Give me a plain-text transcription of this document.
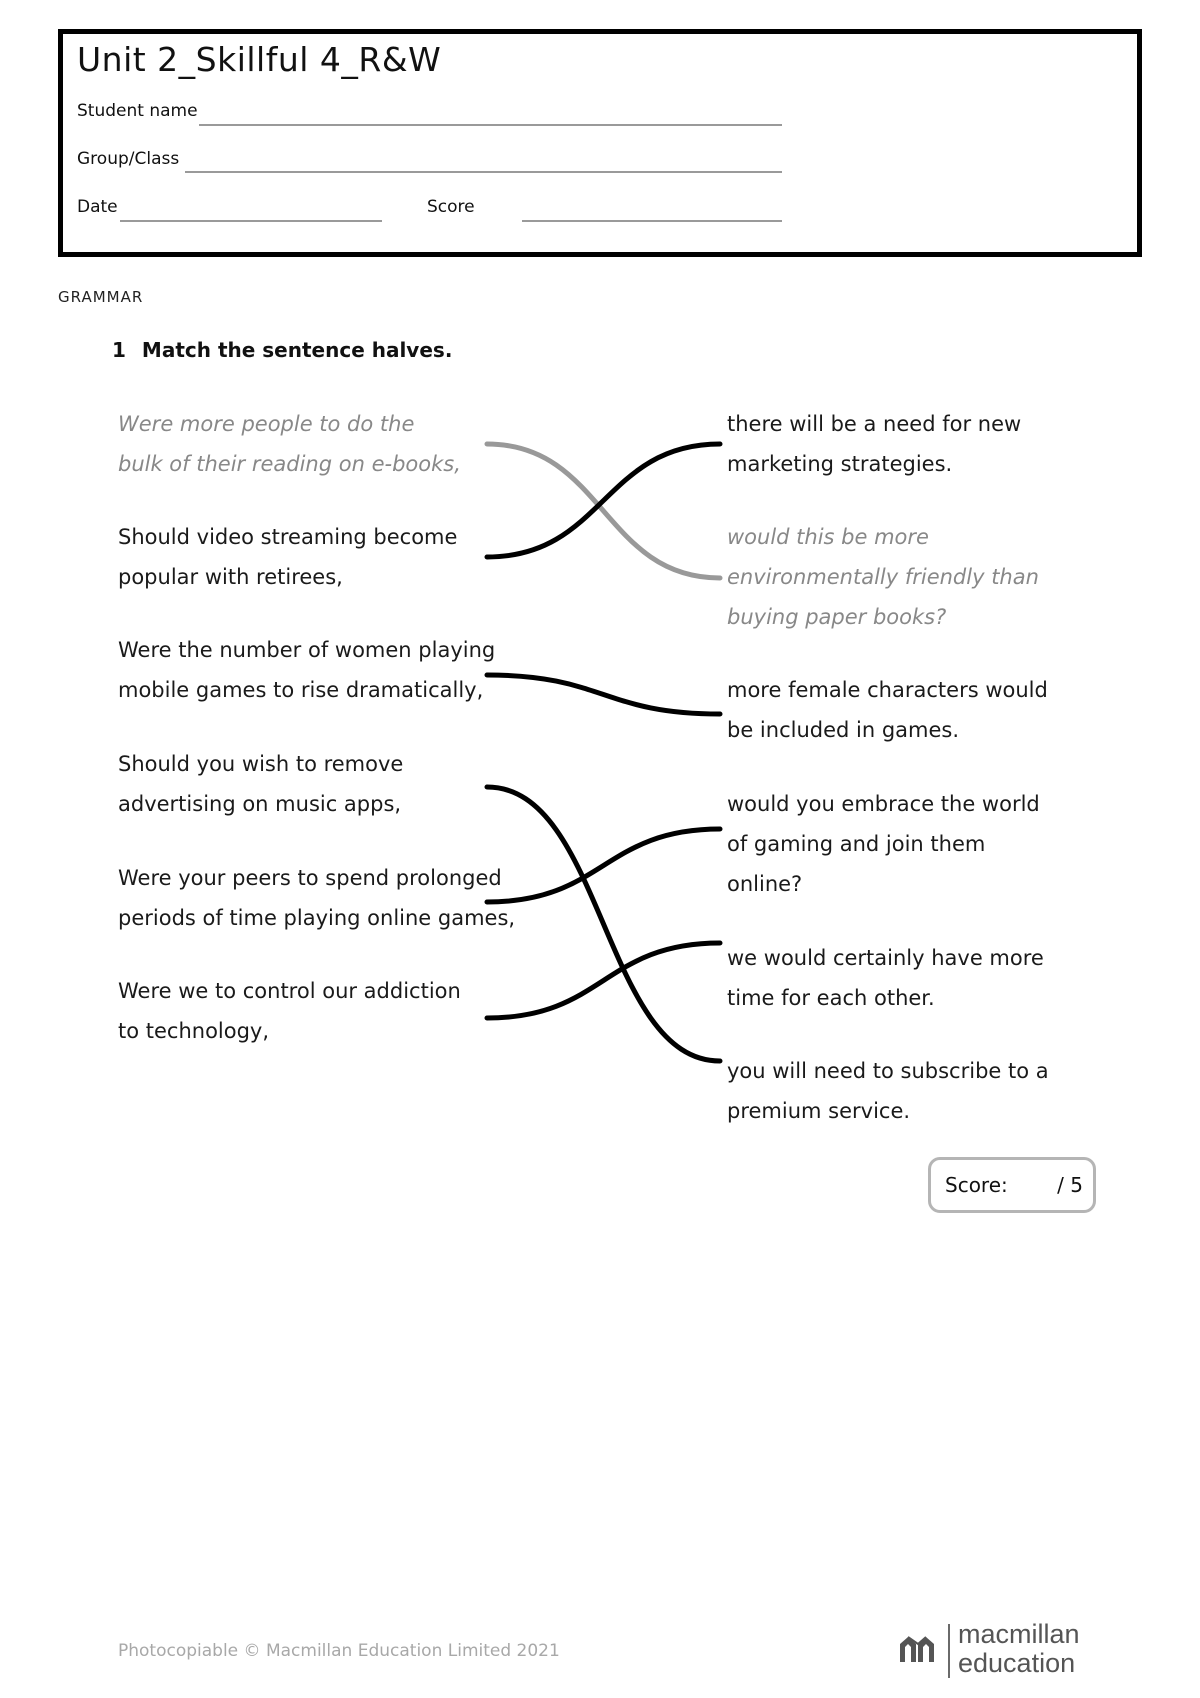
Unit 2_Skillful 4_R&W
Student name
Group/Class
Date	Score
GRAMMAR
1 Match the sentence halves.
Were more people to do the
bulk of their reading on e-books,
Should video streaming become
popular with retirees,
Were the number of women playing
mobile games to rise dramatically,
Should you wish to remove
advertising on music apps,
Were your peers to spend prolonged
periods of time playing online games,
Were we to control our addiction
to technology,
there will be a need for new
marketing strategies.
would this be more
environmentally friendly than
buying paper books?
more female characters would
be included in games.
would you embrace the world
of gaming and join them
online?
we would certainly have more
time for each other.
you will need to subscribe to a
premium service.
Score: / 5
Photocopiable © Macmillan Education Limited 2021
macmillan
education
